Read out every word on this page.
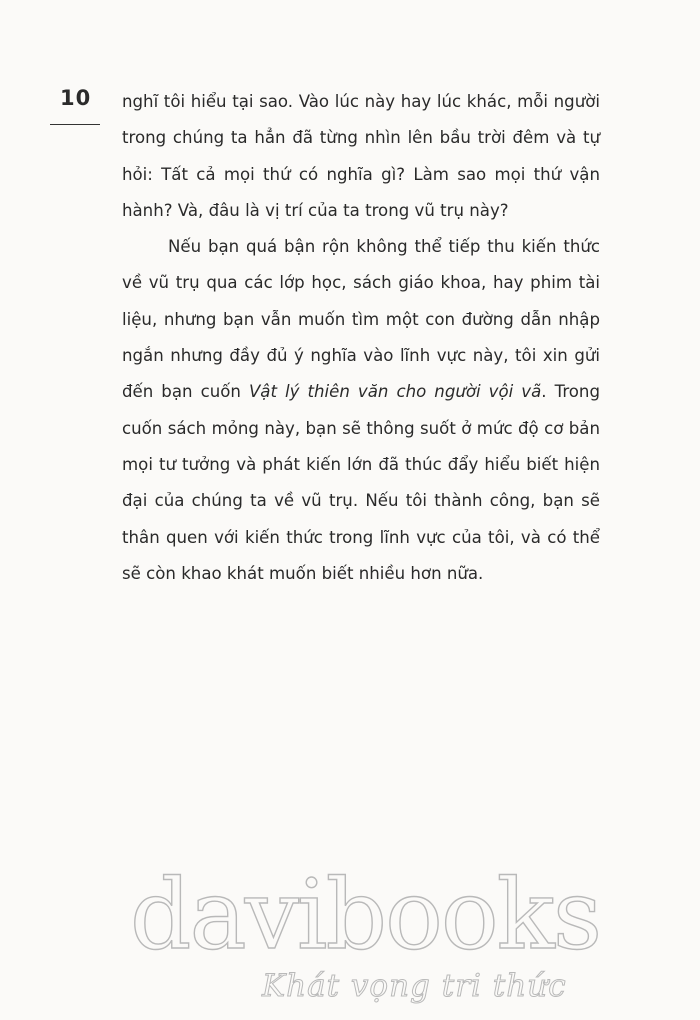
10 nghĩ tôi hiểu tại sao. Vào lúc này hay lúc khác, mỗi người trong chúng ta hẳn đã từng nhìn lên bầu trời đêm và tự hỏi: Tất cả mọi thứ có nghĩa gì? Làm sao mọi thứ vận hành? Và, đâu là vị trí của ta trong vũ trụ này?

Nếu bạn quá bận rộn không thể tiếp thu kiến thức về vũ trụ qua các lớp học, sách giáo khoa, hay phim tài liệu, nhưng bạn vẫn muốn tìm một con đường dẫn nhập ngắn nhưng đầy đủ ý nghĩa vào lĩnh vực này, tôi xin gửi đến bạn cuốn Vật lý thiên văn cho người vội vã. Trong cuốn sách mỏng này, bạn sẽ thông suốt ở mức độ cơ bản mọi tư tưởng và phát kiến lớn đã thúc đẩy hiểu biết hiện đại của chúng ta về vũ trụ. Nếu tôi thành công, bạn sẽ thân quen với kiến thức trong lĩnh vực của tôi, và có thể sẽ còn khao khát muốn biết nhiều hơn nữa.

davibooks
Khát vọng tri thức
